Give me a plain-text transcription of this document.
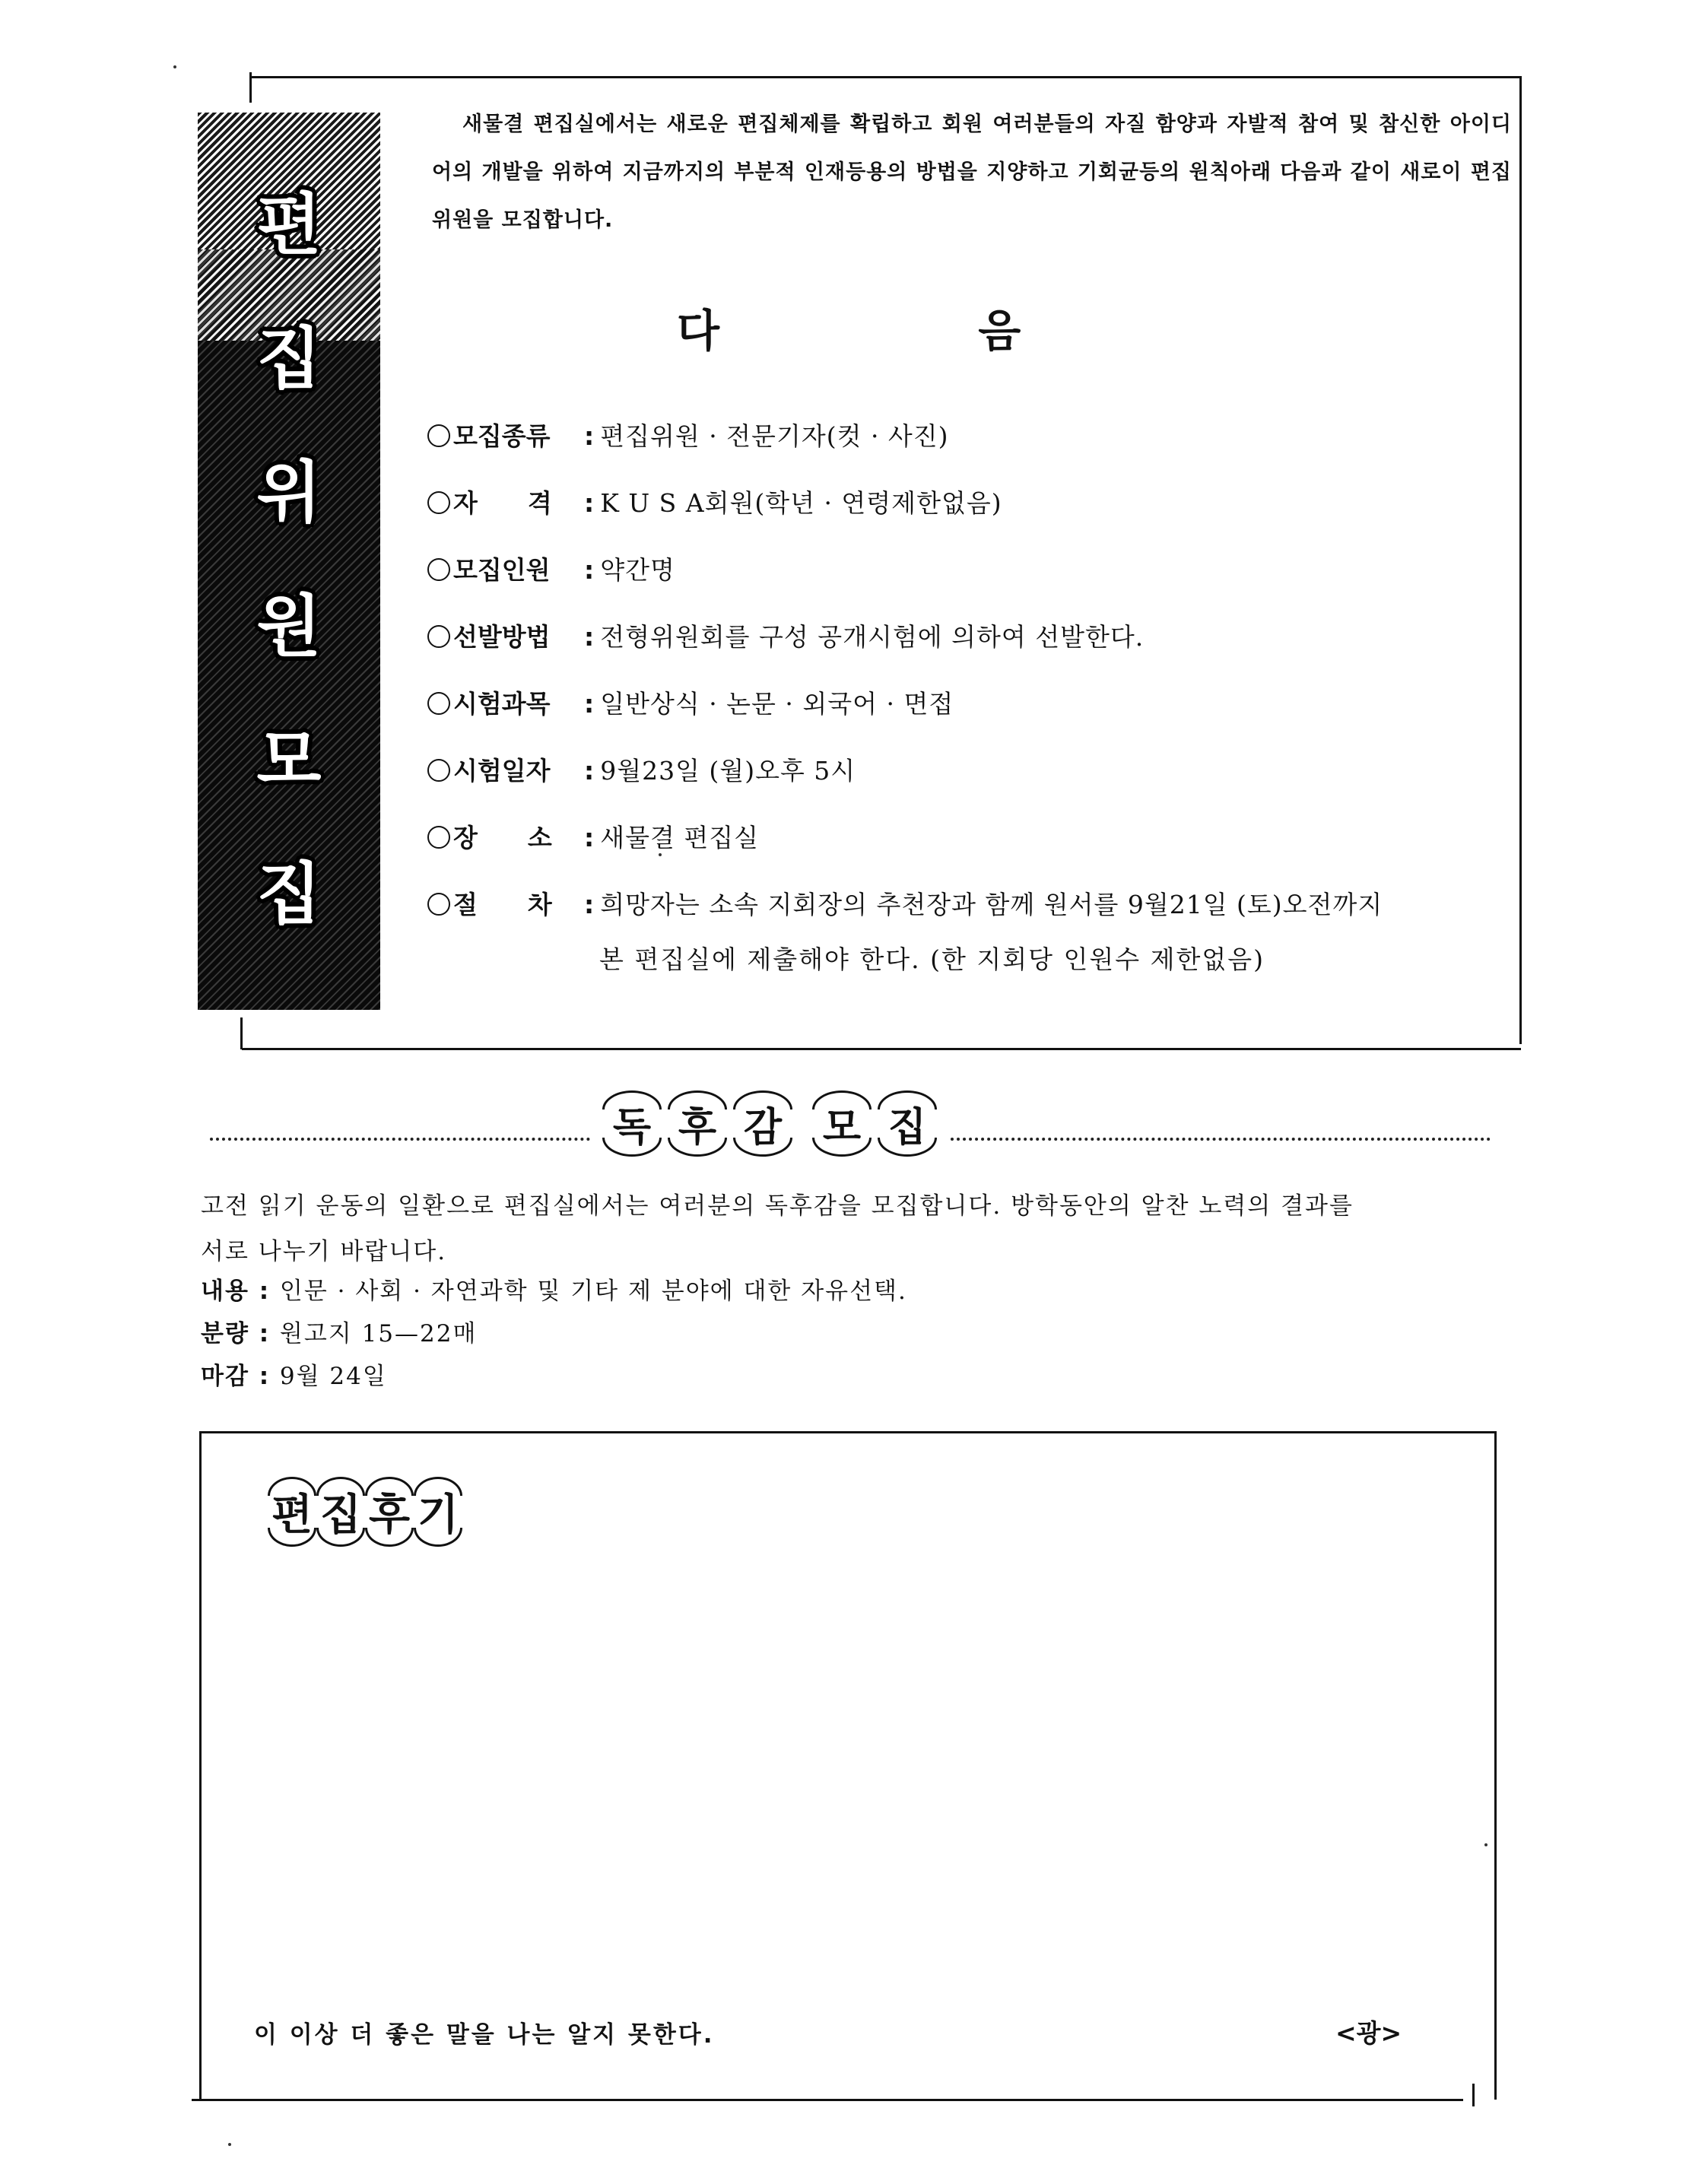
편
집
위
원
모
집

새물결 편집실에서는 새로운 편집체제를 확립하고 회원 여러분들의 자질 함양과 자발적 참여 및 참신한 아이디어의 개발을 위하여 지금까지의 부분적 인재등용의 방법을 지양하고 기회균등의 원칙아래 다음과 같이 새로이 편집위원을 모집합니다.

다 음
모집종류 : 편집위원 · 전문기자(컷 · 사진)
자　　격 : K U S A회원(학년 · 연령제한없음)
모집인원 : 약간명
선발방법 : 전형위원회를 구성 공개시험에 의하여 선발한다.
시험과목 : 일반상식 · 논문 · 외국어 · 면접
시험일자 : 9월23일 (월)오후 5시
장　　소 : 새물결 편집실
절　　차 : 희망자는 소속 지회장의 추천장과 함께 원서를 9월21일 (토)오전까지
본 편집실에 제출해야 한다. (한 지회당 인원수 제한없음)
독 후 감 모 집

고전 읽기 운동의 일환으로 편집실에서는 여러분의 독후감을 모집합니다. 방학동안의 알찬 노력의 결과를

서로 나누기 바랍니다.

내용 : 인문 · 사회 · 자연과학 및 기타 제 분야에 대한 자유선택.

분량 : 원고지 15—22매

마감 : 9월 24일

편 집 후 기
이 이상 더 좋은 말을 나는 알지 못한다.	<광>
